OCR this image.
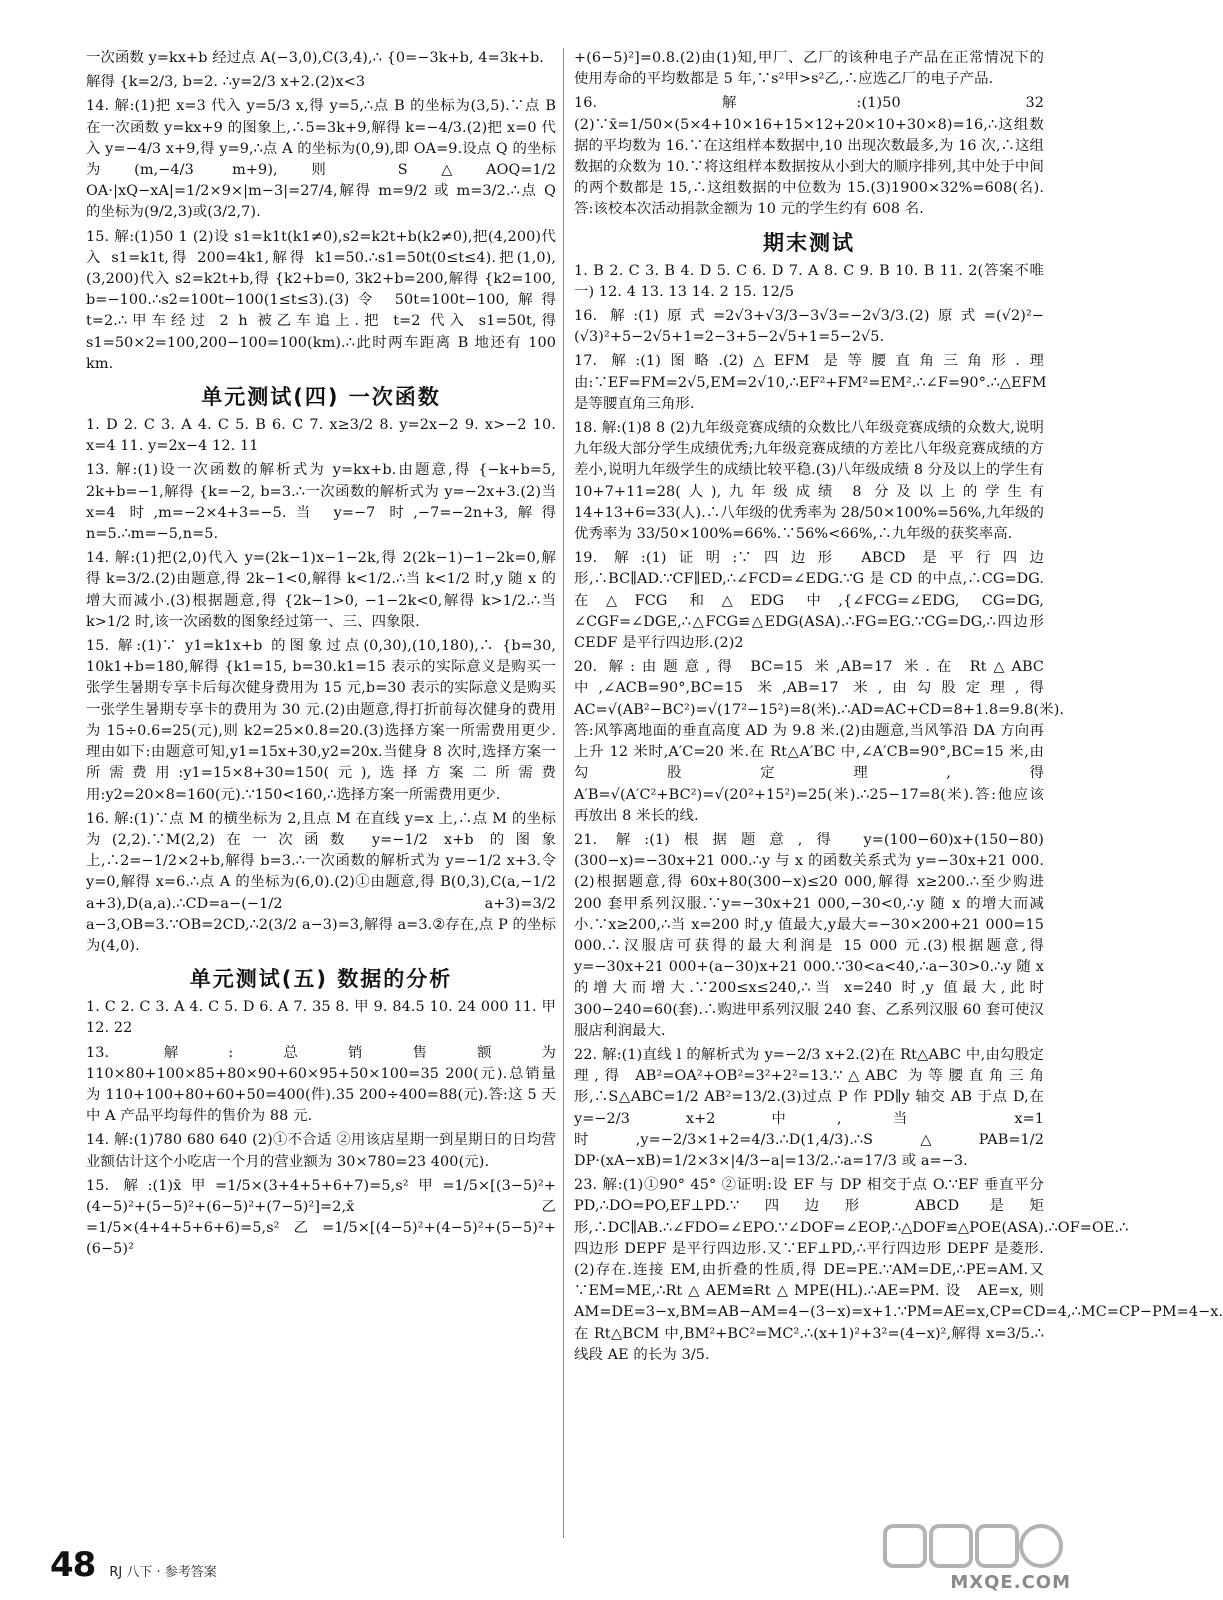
一次函数 y=kx+b 经过点 A(−3,0),C(3,4),∴ {0=−3k+b, 4=3k+b.
解得 {k=2/3, b=2. ∴y=2/3 x+2.(2)x<3
14. 解:(1)把 x=3 代入 y=5/3 x,得 y=5,∴点 B 的坐标为(3,5).∵点 B 在一次函数 y=kx+9 的图象上,∴5=3k+9,解得 k=−4/3.(2)把 x=0 代入 y=−4/3 x+9,得 y=9,∴点 A 的坐标为(0,9),即 OA=9.设点 Q 的坐标为(m,−4/3 m+9),则 S△AOQ=1/2 OA·|xQ−xA|=1/2×9×|m−3|=27/4,解得 m=9/2 或 m=3/2.∴点 Q 的坐标为(9/2,3)或(3/2,7).
15. 解:(1)50 1 (2)设 s1=k1t(k1≠0),s2=k2t+b(k2≠0),把(4,200)代入 s1=k1t,得 200=4k1,解得 k1=50.∴s1=50t(0≤t≤4).把(1,0),(3,200)代入 s2=k2t+b,得 {k2+b=0, 3k2+b=200,解得 {k2=100, b=−100.∴s2=100t−100(1≤t≤3).(3)令 50t=100t−100,解得 t=2.∴甲车经过 2 h 被乙车追上.把 t=2 代入 s1=50t,得 s1=50×2=100,200−100=100(km).∴此时两车距离 B 地还有 100 km.
单元测试(四) 一次函数
1. D 2. C 3. A 4. C 5. B 6. C 7. x≥3/2 8. y=2x−2 9. x>−2 10. x=4 11. y=2x−4 12. 11
13. 解:(1)设一次函数的解析式为 y=kx+b.由题意,得 {−k+b=5, 2k+b=−1,解得 {k=−2, b=3.∴一次函数的解析式为 y=−2x+3.(2)当 x=4 时,m=−2×4+3=−5.当 y=−7 时,−7=−2n+3,解得 n=5.∴m=−5,n=5.
14. 解:(1)把(2,0)代入 y=(2k−1)x−1−2k,得 2(2k−1)−1−2k=0,解得 k=3/2.(2)由题意,得 2k−1<0,解得 k<1/2.∴当 k<1/2 时,y 随 x 的增大而减小.(3)根据题意,得 {2k−1>0, −1−2k<0,解得 k>1/2.∴当 k>1/2 时,该一次函数的图象经过第一、三、四象限.
15. 解:(1)∵ y1=k1x+b 的图象过点(0,30),(10,180),∴ {b=30, 10k1+b=180,解得 {k1=15, b=30.k1=15 表示的实际意义是购买一张学生暑期专享卡后每次健身费用为 15 元,b=30 表示的实际意义是购买一张学生暑期专享卡的费用为 30 元.(2)由题意,得打折前每次健身的费用为 15÷0.6=25(元),则 k2=25×0.8=20.(3)选择方案一所需费用更少.理由如下:由题意可知,y1=15x+30,y2=20x.当健身 8 次时,选择方案一所需费用:y1=15×8+30=150(元),选择方案二所需费用:y2=20×8=160(元).∵150<160,∴选择方案一所需费用更少.
16. 解:(1)∵点 M 的横坐标为 2,且点 M 在直线 y=x 上,∴点 M 的坐标为(2,2).∵M(2,2)在一次函数 y=−1/2 x+b 的图象上,∴2=−1/2×2+b,解得 b=3.∴一次函数的解析式为 y=−1/2 x+3.令 y=0,解得 x=6.∴点 A 的坐标为(6,0).(2)①由题意,得 B(0,3),C(a,−1/2 a+3),D(a,a).∴CD=a−(−1/2 a+3)=3/2 a−3,OB=3.∵OB=2CD,∴2(3/2 a−3)=3,解得 a=3.②存在,点 P 的坐标为(4,0).
单元测试(五) 数据的分析
1. C 2. C 3. A 4. C 5. D 6. A 7. 35 8. 甲 9. 84.5 10. 24 000 11. 甲 12. 22
13. 解:总销售额为 110×80+100×85+80×90+60×95+50×100=35 200(元).总销量为 110+100+80+60+50=400(件).35 200÷400=88(元).答:这 5 天中 A 产品平均每件的售价为 88 元.
14. 解:(1)780 680 640 (2)①不合适 ②用该店星期一到星期日的日均营业额估计这个小吃店一个月的营业额为 30×780=23 400(元).
15. 解:(1)x̄甲=1/5×(3+4+5+6+7)=5,s²甲=1/5×[(3−5)²+(4−5)²+(5−5)²+(6−5)²+(7−5)²]=2,x̄乙=1/5×(4+4+5+6+6)=5,s²乙=1/5×[(4−5)²+(4−5)²+(5−5)²+(6−5)²
+(6−5)²]=0.8.(2)由(1)知,甲厂、乙厂的该种电子产品在正常情况下的使用寿命的平均数都是 5 年,∵s²甲>s²乙,∴应选乙厂的电子产品.
16. 解:(1)50 32 (2)∵x̄=1/50×(5×4+10×16+15×12+20×10+30×8)=16,∴这组数据的平均数为 16.∵在这组样本数据中,10 出现次数最多,为 16 次,∴这组数据的众数为 10.∵将这组样本数据按从小到大的顺序排列,其中处于中间的两个数都是 15,∴这组数据的中位数为 15.(3)1900×32%=608(名).答:该校本次活动捐款金额为 10 元的学生约有 608 名.
期末测试
1. B 2. C 3. B 4. D 5. C 6. D 7. A 8. C 9. B 10. B 11. 2(答案不唯一) 12. 4 13. 13 14. 2 15. 12/5
16. 解:(1)原式=2√3+√3/3−3√3=−2√3/3.(2)原式=(√2)²−(√3)²+5−2√5+1=2−3+5−2√5+1=5−2√5.
17. 解:(1)图略.(2)△EFM 是等腰直角三角形.理由:∵EF=FM=2√5,EM=2√10,∴EF²+FM²=EM².∴∠F=90°.∴△EFM 是等腰直角三角形.
18. 解:(1)8 8 (2)九年级竞赛成绩的众数比八年级竞赛成绩的众数大,说明九年级大部分学生成绩优秀;九年级竞赛成绩的方差比八年级竞赛成绩的方差小,说明九年级学生的成绩比较平稳.(3)八年级成绩 8 分及以上的学生有 10+7+11=28(人),九年级成绩 8 分及以上的学生有 14+13+6=33(人).∴八年级的优秀率为 28/50×100%=56%,九年级的优秀率为 33/50×100%=66%.∵56%<66%,∴九年级的获奖率高.
19. 解:(1)证明:∵四边形 ABCD 是平行四边形,∴BC∥AD.∵CF∥ED,∴∠FCD=∠EDG.∵G 是 CD 的中点,∴CG=DG.在△FCG 和△EDG 中,{∠FCG=∠EDG, CG=DG, ∠CGF=∠DGE,∴△FCG≌△EDG(ASA).∴FG=EG.∵CG=DG,∴四边形 CEDF 是平行四边形.(2)2
20. 解:由题意,得 BC=15 米,AB=17 米.在 Rt△ABC 中,∠ACB=90°,BC=15 米,AB=17 米,由勾股定理,得 AC=√(AB²−BC²)=√(17²−15²)=8(米).∴AD=AC+CD=8+1.8=9.8(米).答:风筝离地面的垂直高度 AD 为 9.8 米.(2)由题意,当风筝沿 DA 方向再上升 12 米时,A′C=20 米.在 Rt△A′BC 中,∠A′CB=90°,BC=15 米,由勾股定理,得 A′B=√(A′C²+BC²)=√(20²+15²)=25(米).∴25−17=8(米).答:他应该再放出 8 米长的线.
21. 解:(1)根据题意,得 y=(100−60)x+(150−80)(300−x)=−30x+21 000.∴y 与 x 的函数关系式为 y=−30x+21 000.(2)根据题意,得 60x+80(300−x)≤20 000,解得 x≥200.∴至少购进 200 套甲系列汉服.∵y=−30x+21 000,−30<0,∴y 随 x 的增大而减小.∵x≥200,∴当 x=200 时,y 值最大,y最大=−30×200+21 000=15 000.∴汉服店可获得的最大利润是 15 000 元.(3)根据题意,得 y=−30x+21 000+(a−30)x+21 000.∵30<a<40,∴a−30>0.∴y 随 x 的增大而增大.∵200≤x≤240,∴当 x=240 时,y 值最大,此时 300−240=60(套).∴购进甲系列汉服 240 套、乙系列汉服 60 套可使汉服店利润最大.
22. 解:(1)直线 l 的解析式为 y=−2/3 x+2.(2)在 Rt△ABC 中,由勾股定理,得 AB²=OA²+OB²=3²+2²=13.∵△ABC 为等腰直角三角形,∴S△ABC=1/2 AB²=13/2.(3)过点 P 作 PD∥y 轴交 AB 于点 D,在 y=−2/3 x+2 中,当 x=1 时,y=−2/3×1+2=4/3.∴D(1,4/3).∴S△PAB=1/2 DP·(xA−xB)=1/2×3×|4/3−a|=13/2.∴a=17/3 或 a=−3.
23. 解:(1)①90° 45° ②证明:设 EF 与 DP 相交于点 O.∵EF 垂直平分 PD,∴DO=PO,EF⊥PD.∵四边形 ABCD 是矩形,∴DC∥AB.∴∠FDO=∠EPO.∵∠DOF=∠EOP,∴△DOF≌△POE(ASA).∴OF=OE.∴四边形 DEPF 是平行四边形.又∵EF⊥PD,∴平行四边形 DEPF 是菱形.(2)存在.连接 EM,由折叠的性质,得 DE=PE.∵AM=DE,∴PE=AM.又∵EM=ME,∴Rt△AEM≌Rt△MPE(HL).∴AE=PM.设 AE=x,则 AM=DE=3−x,BM=AB−AM=4−(3−x)=x+1.∵PM=AE=x,CP=CD=4,∴MC=CP−PM=4−x.在 Rt△BCM 中,BM²+BC²=MC².∴(x+1)²+3²=(4−x)²,解得 x=3/5.∴线段 AE 的长为 3/5.
48 RJ 八下 · 参考答案	MXQE.COM
